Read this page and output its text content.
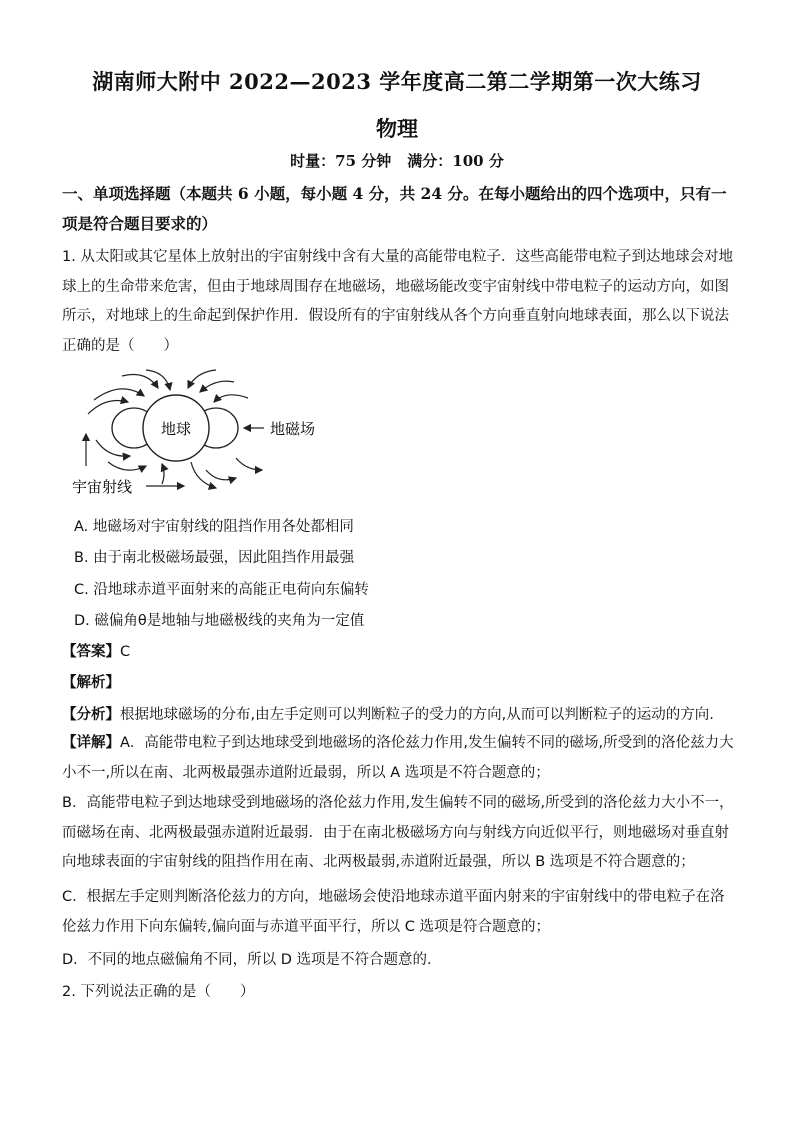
湖南师大附中 2022—2023 学年度高二第二学期第一次大练习
物理
时量：75 分钟 满分：100 分
一、单项选择题（本题共 6 小题，每小题 4 分，共 24 分。在每小题给出的四个选项中，只有一项是符合题目要求的）
1. 从太阳或其它星体上放射出的宇宙射线中含有大量的高能带电粒子．这些高能带电粒子到达地球会对地球上的生命带来危害，但由于地球周围存在地磁场，地磁场能改变宇宙射线中带电粒子的运动方向，如图所示，对地球上的生命起到保护作用．假设所有的宇宙射线从各个方向垂直射向地球表面，那么以下说法正确的是（　　）
地球	地磁场
宇宙射线
A. 地磁场对宇宙射线的阻挡作用各处都相同
B. 由于南北极磁场最强，因此阻挡作用最强
C. 沿地球赤道平面射来的高能正电荷向东偏转
D. 磁偏角θ是地轴与地磁极线的夹角为一定值
【答案】C
【解析】
【分析】根据地球磁场的分布,由左手定则可以判断粒子的受力的方向,从而可以判断粒子的运动的方向.
【详解】A．高能带电粒子到达地球受到地磁场的洛伦兹力作用,发生偏转不同的磁场,所受到的洛伦兹力大小不一,所以在南、北两极最强赤道附近最弱，所以 A 选项是不符合题意的；
B．高能带电粒子到达地球受到地磁场的洛伦兹力作用,发生偏转不同的磁场,所受到的洛伦兹力大小不一，而磁场在南、北两极最强赤道附近最弱．由于在南北极磁场方向与射线方向近似平行，则地磁场对垂直射向地球表面的宇宙射线的阻挡作用在南、北两极最弱,赤道附近最强，所以 B 选项是不符合题意的；
C．根据左手定则判断洛伦兹力的方向，地磁场会使沿地球赤道平面内射来的宇宙射线中的带电粒子在洛伦兹力作用下向东偏转,偏向面与赤道平面平行，所以 C 选项是符合题意的；
D．不同的地点磁偏角不同，所以 D 选项是不符合题意的．
2. 下列说法正确的是（　　）
